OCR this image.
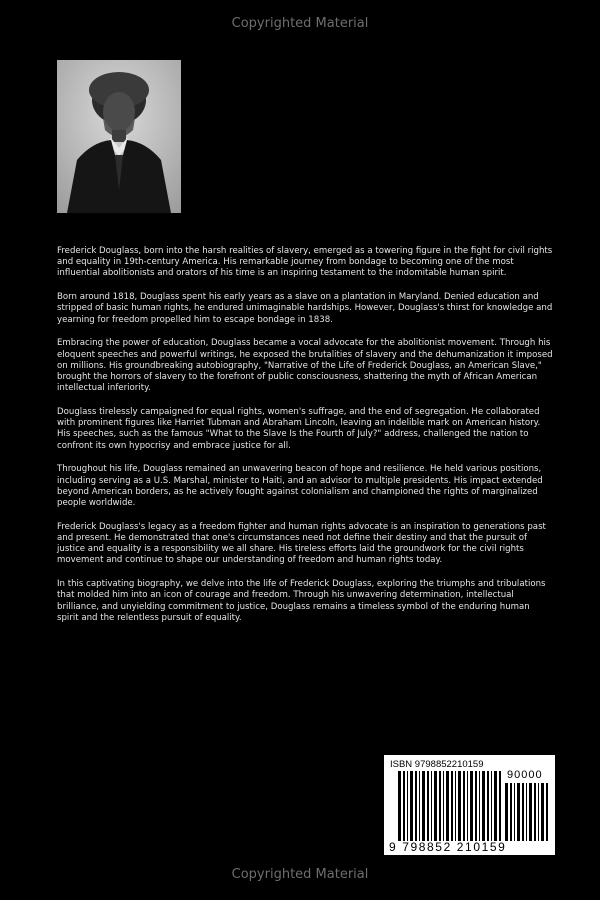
Copyrighted Material

Frederick Douglass, born into the harsh realities of slavery, emerged as a towering figure in the fight for civil rights and equality in 19th-century America. His remarkable journey from bondage to becoming one of the most influential abolitionists and orators of his time is an inspiring testament to the indomitable human spirit.

Born around 1818, Douglass spent his early years as a slave on a plantation in Maryland. Denied education and stripped of basic human rights, he endured unimaginable hardships. However, Douglass's thirst for knowledge and yearning for freedom propelled him to escape bondage in 1838.

Embracing the power of education, Douglass became a vocal advocate for the abolitionist movement. Through his eloquent speeches and powerful writings, he exposed the brutalities of slavery and the dehumanization it imposed on millions. His groundbreaking autobiography, "Narrative of the Life of Frederick Douglass, an American Slave," brought the horrors of slavery to the forefront of public consciousness, shattering the myth of African American intellectual inferiority.

Douglass tirelessly campaigned for equal rights, women's suffrage, and the end of segregation. He collaborated with prominent figures like Harriet Tubman and Abraham Lincoln, leaving an indelible mark on American history. His speeches, such as the famous "What to the Slave Is the Fourth of July?" address, challenged the nation to confront its own hypocrisy and embrace justice for all.

Throughout his life, Douglass remained an unwavering beacon of hope and resilience. He held various positions, including serving as a U.S. Marshal, minister to Haiti, and an advisor to multiple presidents. His impact extended beyond American borders, as he actively fought against colonialism and championed the rights of marginalized people worldwide.

Frederick Douglass's legacy as a freedom fighter and human rights advocate is an inspiration to generations past and present. He demonstrated that one's circumstances need not define their destiny and that the pursuit of justice and equality is a responsibility we all share. His tireless efforts laid the groundwork for the civil rights movement and continue to shape our understanding of freedom and human rights today.

In this captivating biography, we delve into the life of Frederick Douglass, exploring the triumphs and tribulations that molded him into an icon of courage and freedom. Through his unwavering determination, intellectual brilliance, and unyielding commitment to justice, Douglass remains a timeless symbol of the enduring human spirit and the relentless pursuit of equality.

ISBN 9798852210159
90000
9 798852 210159
Copyrighted Material
